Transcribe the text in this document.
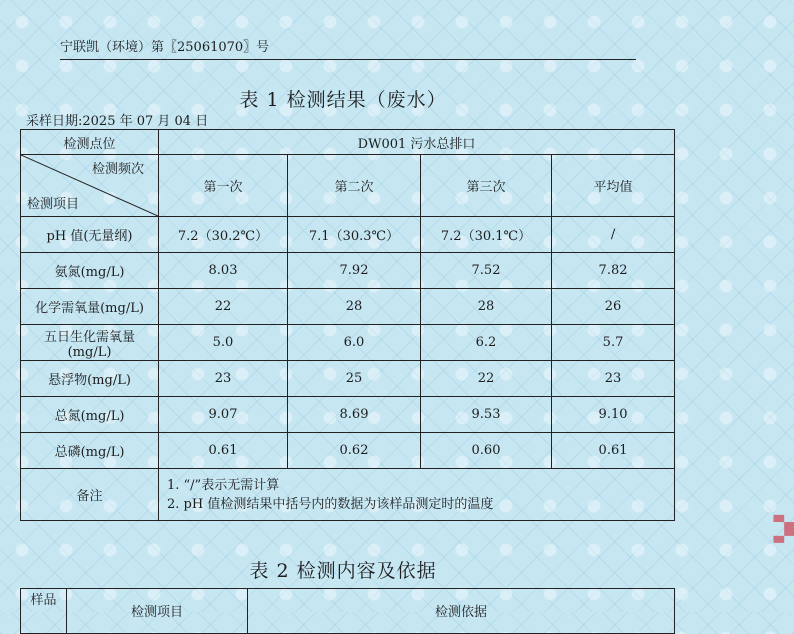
宁联凯（环境）第〖25061070〗号
表 1 检测结果（废水）
采样日期:2025 年 07 月 04 日
检测点位	DW001 污水总排口			

检测频次
检测项目	第一次	第二次	第三次	平均值
pH 值(无量纲)	7.2（30.2℃）	7.1（30.3℃）	7.2（30.1℃）	/
氨氮(mg/L)	8.03	7.92	7.52	7.82
化学需氧量(mg/L)	22	28	28	26

五日生化需氧量
(mg/L)	5.0	6.0	6.2	5.7
悬浮物(mg/L)	23	25	22	23
总氮(mg/L)	9.07	8.69	9.53	9.10
总磷(mg/L)	0.61	0.62	0.60	0.61
备注	1. “/”表示无需计算
2. pH 值检测结果中括号内的数据为该样品测定时的温度			
表 2 检测内容及依据
样品	检测项目	检测依据
▞▚
